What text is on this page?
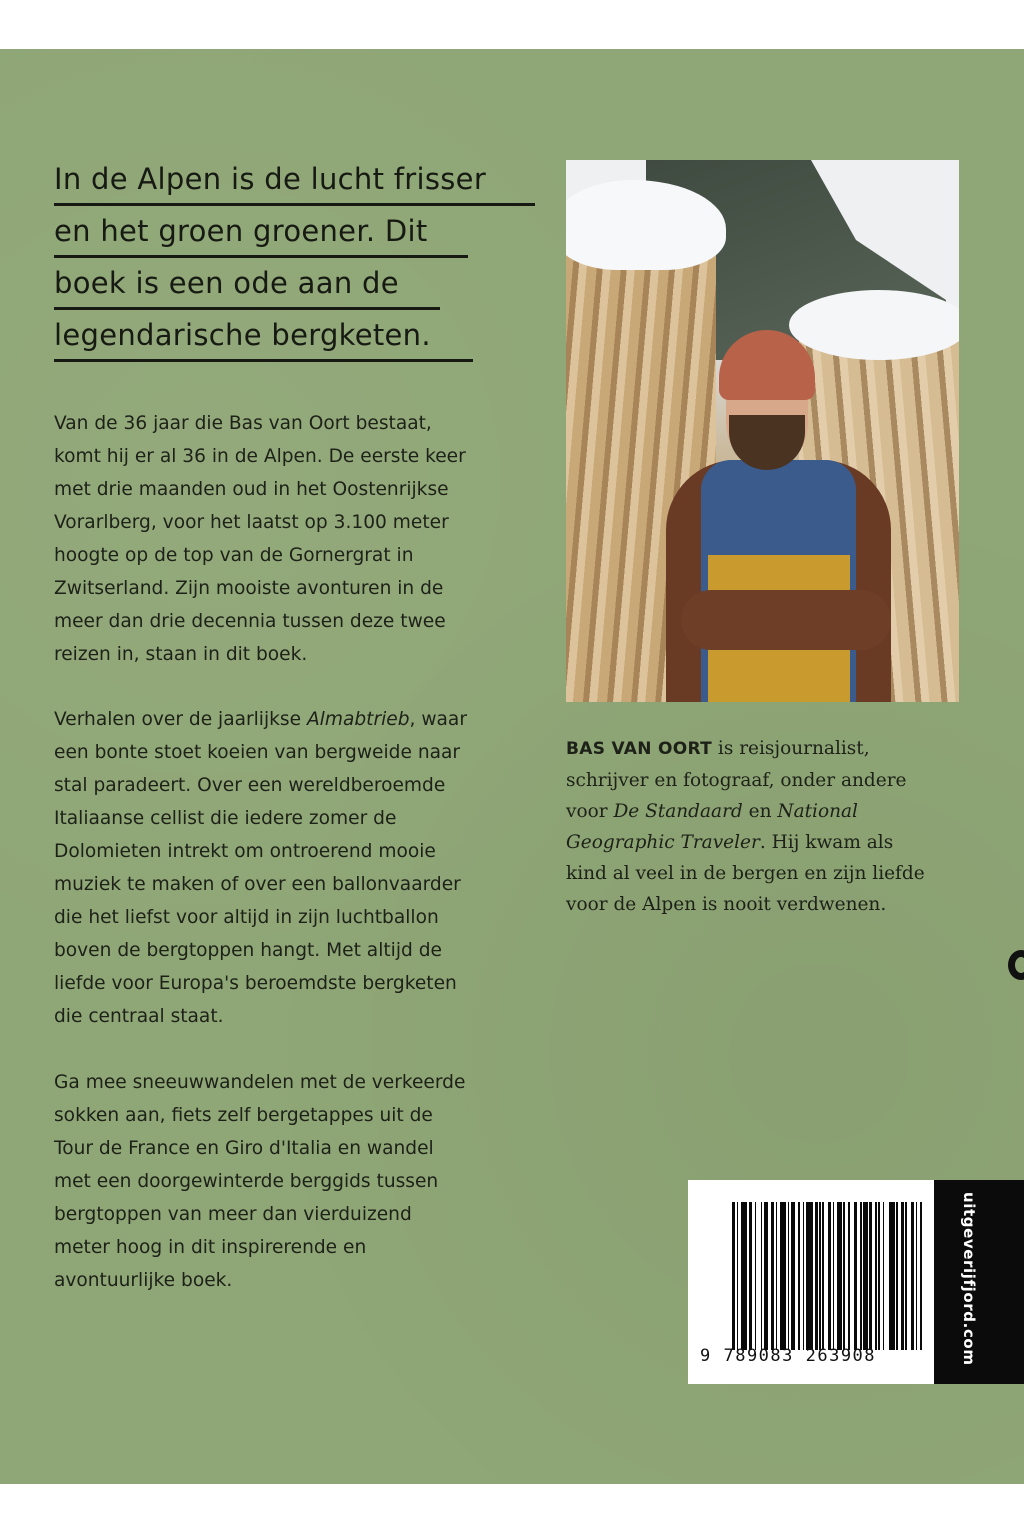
In de Alpen is de lucht frisser
en het groen groener. Dit
boek is een ode aan de
legendarische bergketen.
Van de 36 jaar die Bas van Oort bestaat,
komt hij er al 36 in de Alpen. De eerste keer
met drie maanden oud in het Oostenrijkse
Vorarlberg, voor het laatst op 3.100 meter
hoogte op de top van de Gornergrat in
Zwitserland. Zijn mooiste avonturen in de
meer dan drie decennia tussen deze twee
reizen in, staan in dit boek.
Verhalen over de jaarlijkse Almabtrieb, waar
een bonte stoet koeien van bergweide naar
stal paradeert. Over een wereldberoemde
Italiaanse cellist die iedere zomer de
Dolomieten intrekt om ontroerend mooie
muziek te maken of over een ballonvaarder
die het liefst voor altijd in zijn luchtballon
boven de bergtoppen hangt. Met altijd de
liefde voor Europa's beroemdste bergketen
die centraal staat.
Ga mee sneeuwwandelen met de verkeerde
sokken aan, fiets zelf bergetappes uit de
Tour de France en Giro d'Italia en wandel
met een doorgewinterde berggids tussen
bergtoppen van meer dan vierduizend
meter hoog in dit inspirerende en
avontuurlijke boek.
BAS VAN OORT is reisjournalist,
schrijver en fotograaf, onder andere
voor De Standaard en National
Geographic Traveler. Hij kwam als
kind al veel in de bergen en zijn liefde
voor de Alpen is nooit verdwenen.
9 789083 263908	uitgeverijfjord.com
